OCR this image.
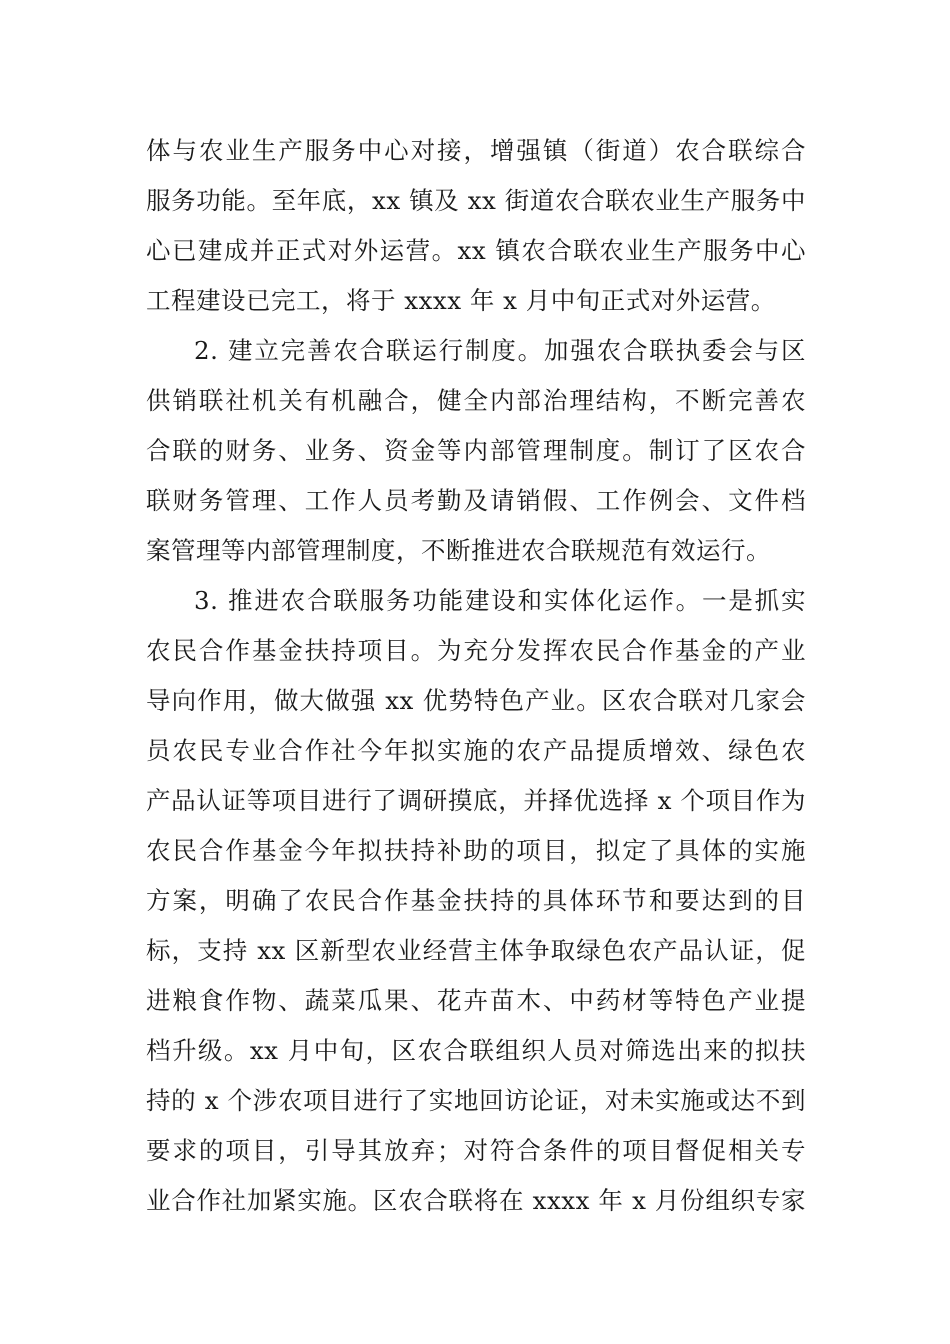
体与农业生产服务中心对接，增强镇（街道）农合联综合
服务功能。至年底，xx 镇及 xx 街道农合联农业生产服务中
心已建成并正式对外运营。xx 镇农合联农业生产服务中心
工程建设已完工，将于 xxxx 年 x 月中旬正式对外运营。
2. 建立完善农合联运行制度。加强农合联执委会与区
供销联社机关有机融合，健全内部治理结构，不断完善农
合联的财务、业务、资金等内部管理制度。制订了区农合
联财务管理、工作人员考勤及请销假、工作例会、文件档
案管理等内部管理制度，不断推进农合联规范有效运行。
3. 推进农合联服务功能建设和实体化运作。一是抓实
农民合作基金扶持项目。为充分发挥农民合作基金的产业
导向作用，做大做强 xx 优势特色产业。区农合联对几家会
员农民专业合作社今年拟实施的农产品提质增效、绿色农
产品认证等项目进行了调研摸底，并择优选择 x 个项目作为
农民合作基金今年拟扶持补助的项目，拟定了具体的实施
方案，明确了农民合作基金扶持的具体环节和要达到的目
标，支持 xx 区新型农业经营主体争取绿色农产品认证，促
进粮食作物、蔬菜瓜果、花卉苗木、中药材等特色产业提
档升级。xx 月中旬，区农合联组织人员对筛选出来的拟扶
持的 x 个涉农项目进行了实地回访论证，对未实施或达不到
要求的项目，引导其放弃；对符合条件的项目督促相关专
业合作社加紧实施。区农合联将在 xxxx 年 x 月份组织专家
